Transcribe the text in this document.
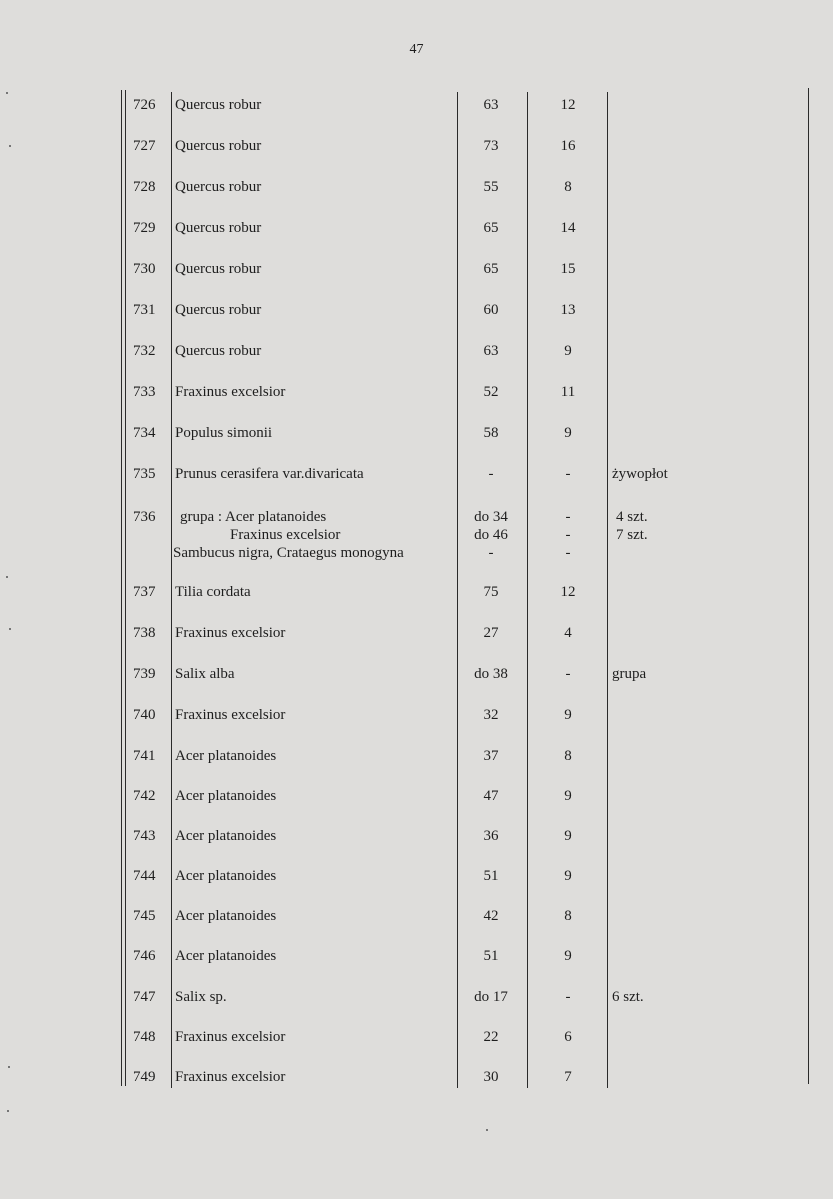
47
726	Quercus robur	63	12
727	Quercus robur	73	16
728	Quercus robur	55	8
729	Quercus robur	65	14
730	Quercus robur	65	15
731	Quercus robur	60	13
732	Quercus robur	63	9
733	Fraxinus excelsior	52	11
734	Populus simonii	58	9
735	Prunus cerasifera var.divaricata	-	-	żywopłot
736	grupa : Acer platanoides	do 34	-	4 szt.
Fraxinus excelsior	do 46	-	7 szt.
Sambucus nigra, Crataegus monogyna	-	-
737	Tilia cordata	75	12
738	Fraxinus excelsior	27	4
739	Salix alba	do 38	-	grupa
740	Fraxinus excelsior	32	9
741	Acer platanoides	37	8
742	Acer platanoides	47	9
743	Acer platanoides	36	9
744	Acer platanoides	51	9
745	Acer platanoides	42	8
746	Acer platanoides	51	9
747	Salix sp.	do 17	-	6 szt.
748	Fraxinus excelsior	22	6
749	Fraxinus excelsior	30	7
